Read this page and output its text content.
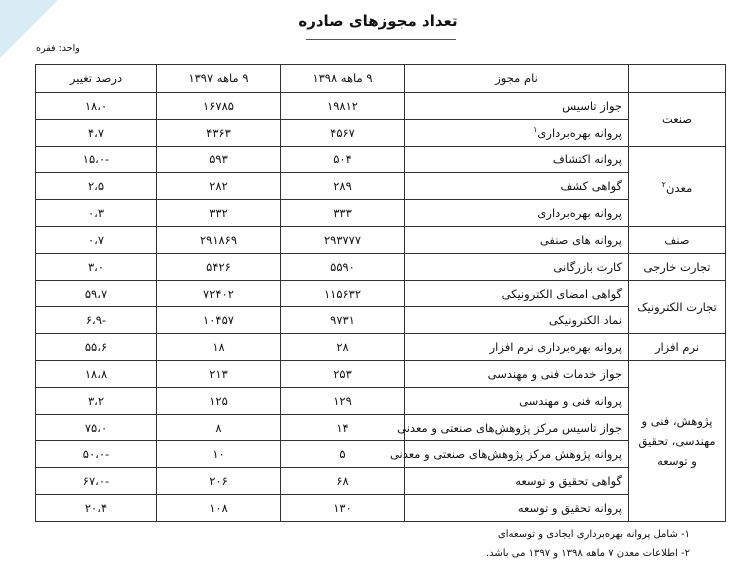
تعداد مجوزهای صادره
واحد: فقره
	نام مجوز	۹ ماهه ۱۳۹۸	۹ ماهه ۱۳۹۷	درصد تغییر
صنعت	جواز تاسیس	۱۹۸۱۲	۱۶۷۸۵	۱۸،۰
	پروانه بهره‌برداری$^۱$	۴۵۶۷	۴۳۶۳	۴،۷
معدن$^۲$	پروانه اکتشاف	۵۰۴	۵۹۳	-۱۵،۰
	گواهی کشف	۲۸۹	۲۸۲	۲،۵
	پروانه بهره‌برداری	۳۳۳	۳۳۲	۰،۳
صنف	پروانه های صنفی	۲۹۳۷۷۷	۲۹۱۸۶۹	۰،۷
تجارت خارجی	کارت بازرگانی	۵۵۹۰	۵۴۲۶	۳،۰
تجارت الکترونیک	گواهی امضای الکترونیکی	۱۱۵۶۳۲	۷۲۴۰۲	۵۹،۷
	نماد الکترونیکی	۹۷۳۱	۱۰۴۵۷	-۶،۹
نرم افزار	پروانه بهره‌برداری نرم افزار	۲۸	۱۸	۵۵،۶
پژوهش، فنی و مهندسی، تحقیق و توسعه	جواز خدمات فنی و مهندسی	۲۵۳	۲۱۳	۱۸،۸
	پروانه فنی و مهندسی	۱۲۹	۱۲۵	۳،۲
	جواز تاسیس مرکز پژوهش‌های صنعتی و معدنی	۱۴	۸	۷۵،۰
	پروانه پژوهش مرکز پژوهش‌های صنعتی و معدنی	۵	۱۰	-۵۰،۰
	گواهی تحقیق و توسعه	۶۸	۲۰۶	-۶۷،۰
	پروانه تحقیق و توسعه	۱۳۰	۱۰۸	۲۰،۴
۱- شامل پروانه بهره‌برداری ایجادی و توسعه‌ای
۲- اطلاعات معدن ۷ ماهه ۱۳۹۸ و ۱۳۹۷ می باشد.
